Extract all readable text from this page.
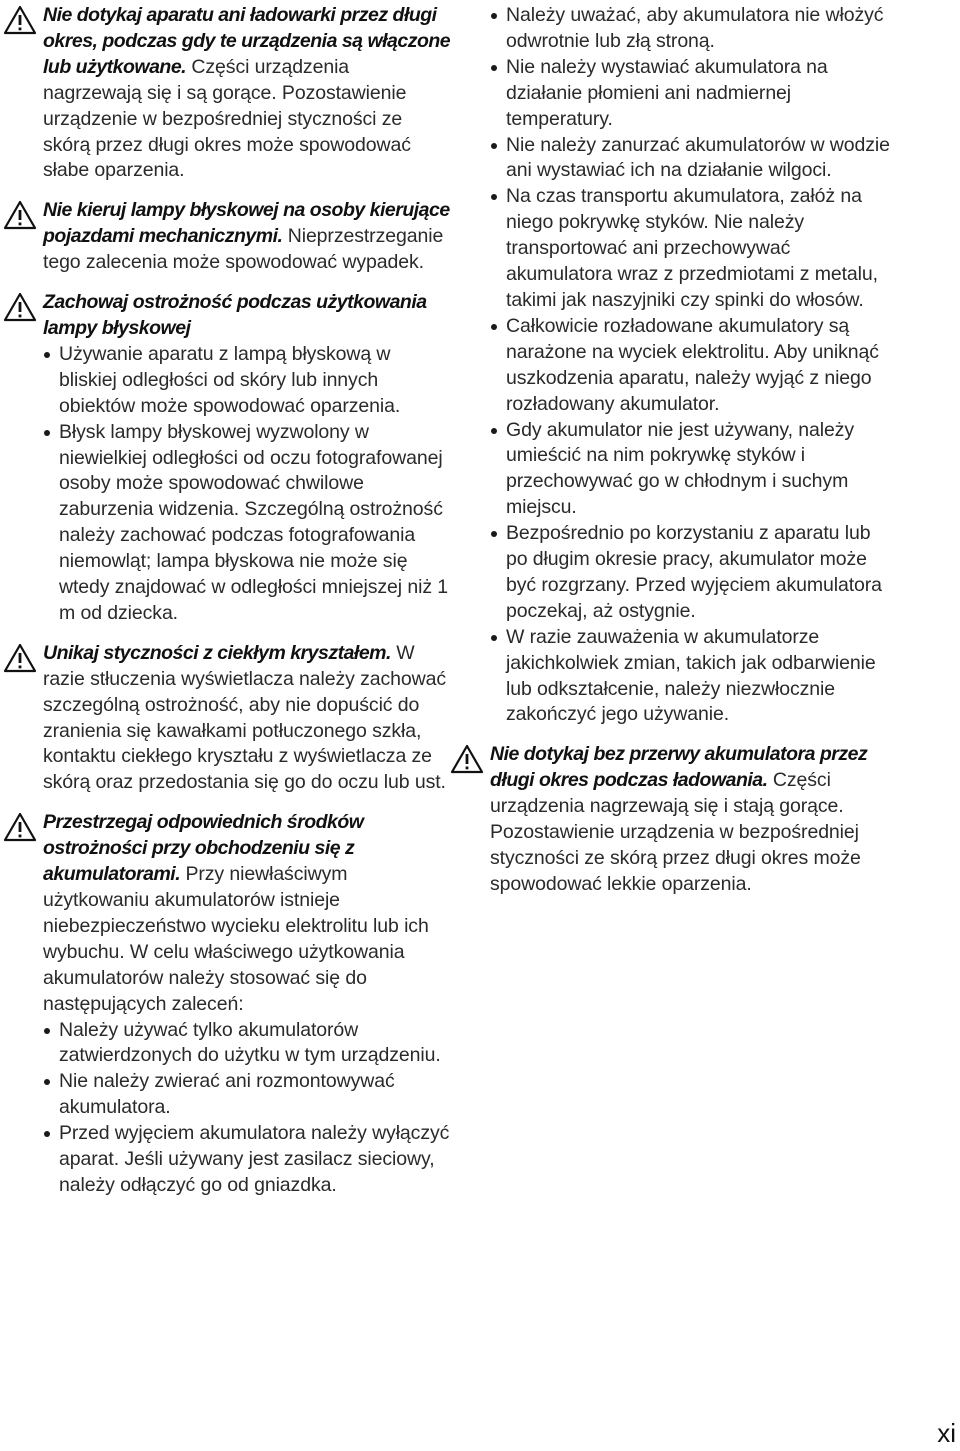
Nie dotykaj aparatu ani ładowarki przez długi okres, podczas gdy te urządzenia są włączone lub użytkowane. Części urządzenia nagrzewają się i są gorące. Pozostawienie urządzenie w bezpośredniej styczności ze skórą przez długi okres może spowodować słabe oparzenia.

Nie kieruj lampy błyskowej na osoby kierujące pojazdami mechanicznymi. Nieprzestrzeganie tego zalecenia może spowodować wypadek.

Zachowaj ostrożność podczas użytkowania lampy błyskowej

Używanie aparatu z lampą błyskową w bliskiej odległości od skóry lub innych obiektów może spowodować oparzenia.
Błysk lampy błyskowej wyzwolony w niewielkiej odległości od oczu fotografowanej osoby może spowodować chwilowe zaburzenia widzenia. Szczególną ostrożność należy zachować podczas fotografowania niemowląt; lampa błyskowa nie może się wtedy znajdować w odległości mniejszej niż 1 m od dziecka.

Unikaj styczności z ciekłym kryształem. W razie stłuczenia wyświetlacza należy zachować szczególną ostrożność, aby nie dopuścić do zranienia się kawałkami potłuczonego szkła, kontaktu ciekłego kryształu z wyświetlacza ze skórą oraz przedostania się go do oczu lub ust.

Przestrzegaj odpowiednich środków ostrożności przy obchodzeniu się z akumulatorami. Przy niewłaściwym użytkowaniu akumulatorów istnieje niebezpieczeństwo wycieku elektrolitu lub ich wybuchu. W celu właściwego użytkowania akumulatorów należy stosować się do następujących zaleceń:

Należy używać tylko akumulatorów zatwierdzonych do użytku w tym urządzeniu.
Nie należy zwierać ani rozmontowywać akumulatora.
Przed wyjęciem akumulatora należy wyłączyć aparat. Jeśli używany jest zasilacz sieciowy, należy odłączyć go od gniazdka.
Należy uważać, aby akumulatora nie włożyć odwrotnie lub złą stroną.
Nie należy wystawiać akumulatora na działanie płomieni ani nadmiernej temperatury.
Nie należy zanurzać akumulatorów w wodzie ani wystawiać ich na działanie wilgoci.
Na czas transportu akumulatora, załóż na niego pokrywkę styków. Nie należy transportować ani przechowywać akumulatora wraz z przedmiotami z metalu, takimi jak naszyjniki czy spinki do włosów.
Całkowicie rozładowane akumulatory są narażone na wyciek elektrolitu. Aby uniknąć uszkodzenia aparatu, należy wyjąć z niego rozładowany akumulator.
Gdy akumulator nie jest używany, należy umieścić na nim pokrywkę styków i przechowywać go w chłodnym i suchym miejscu.
Bezpośrednio po korzystaniu z aparatu lub po długim okresie pracy, akumulator może być rozgrzany. Przed wyjęciem akumulatora poczekaj, aż ostygnie.
W razie zauważenia w akumulatorze jakichkolwiek zmian, takich jak odbarwienie lub odkształcenie, należy niezwłocznie zakończyć jego używanie.

Nie dotykaj bez przerwy akumulatora przez długi okres podczas ładowania. Części urządzenia nagrzewają się i stają gorące. Pozostawienie urządzenia w bezpośredniej styczności ze skórą przez długi okres może spowodować lekkie oparzenia.

xi
